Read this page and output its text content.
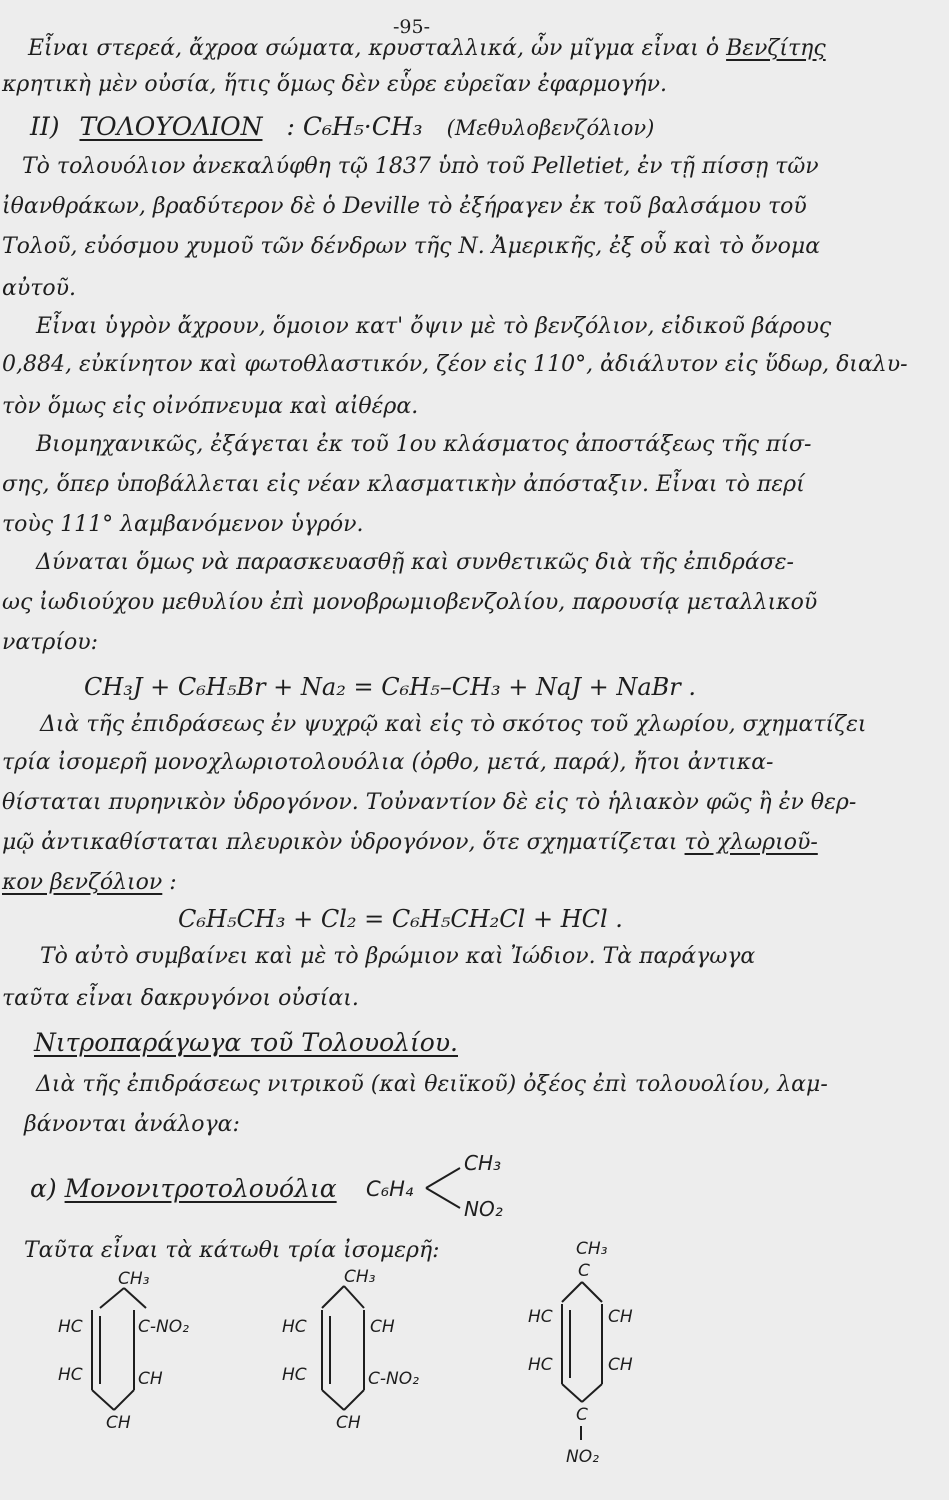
-95-
Εἶναι στερεά, ἄχροα σώματα, κρυσταλλικά, ὧν μῖγμα εἶναι ὁ Βενζίτης
κρητικὴ μὲν οὐσία, ἥτις ὅμως δὲν εὗρε εὐρεῖαν ἐφαρμογήν.
II) ΤΟΛΟΥΟΛΙΟΝ : C₆H₅·CH₃ (Μεθυλοβενζόλιον)
Τὸ τολουόλιον ἀνεκαλύφθη τῷ 1837 ὑπὸ τοῦ Pelletiet, ἐν τῇ πίσσῃ τῶν
ἰθανθράκων, βραδύτερον δὲ ὁ Deville τὸ ἐξήραγεν ἐκ τοῦ βαλσάμου τοῦ
Τολοῦ, εὐόσμου χυμοῦ τῶν δένδρων τῆς Ν. Ἀμερικῆς, ἐξ οὗ καὶ τὸ ὄνομα
αὐτοῦ.
Εἶναι ὑγρὸν ἄχρουν, ὅμοιον κατ' ὄψιν μὲ τὸ βενζόλιον, εἰδικοῦ βάρους
0,884, εὐκίνητον καὶ φωτοθλαστικόν, ζέον εἰς 110°, ἀδιάλυτον εἰς ὕδωρ, διαλυ-
τὸν ὅμως εἰς οἰνόπνευμα καὶ αἰθέρα.
Βιομηχανικῶς, ἐξάγεται ἐκ τοῦ 1ου κλάσματος ἀποστάξεως τῆς πίσ-
σης, ὅπερ ὑποβάλλεται εἰς νέαν κλασματικὴν ἀπόσταξιν. Εἶναι τὸ περί
τοὺς 111° λαμβανόμενον ὑγρόν.
Δύναται ὅμως νὰ παρασκευασθῇ καὶ συνθετικῶς διὰ τῆς ἐπιδράσε-
ως ἰωδιούχου μεθυλίου ἐπὶ μονοβρωμιοβενζολίου, παρουσίᾳ μεταλλικοῦ
νατρίου:
CH₃J + C₆H₅Br + Na₂ = C₆H₅–CH₃ + NaJ + NaBr .
Διὰ τῆς ἐπιδράσεως ἐν ψυχρῷ καὶ εἰς τὸ σκότος τοῦ χλωρίου, σχηματίζει
τρία ἰσομερῆ μονοχλωριοτολουόλια (ὀρθο, μετά, παρά), ἤτοι ἀντικα-
θίσταται πυρηνικὸν ὑδρογόνον. Τοὐναντίον δὲ εἰς τὸ ἡλιακὸν φῶς ἢ ἐν θερ-
μῷ ἀντικαθίσταται πλευρικὸν ὑδρογόνον, ὅτε σχηματίζεται τὸ χλωριοῦ-
κον βενζόλιον :
C₆H₅CH₃ + Cl₂ = C₆H₅CH₂Cl + HCl .
Τὸ αὐτὸ συμβαίνει καὶ μὲ τὸ βρώμιον καὶ Ἰώδιον. Τὰ παράγωγα
ταῦτα εἶναι δακρυγόνοι οὐσίαι.
Νιτροπαράγωγα τοῦ Τολουολίου.
Διὰ τῆς ἐπιδράσεως νιτρικοῦ (καὶ θειϊκοῦ) ὀξέος ἐπὶ τολουολίου, λαμ-
βάνονται ἀνάλογα:
α) Μονονιτροτολουόλια C₆H₄
CH₃
NO₂
Ταῦτα εἶναι τὰ κάτωθι τρία ἰσομερῆ:
CH₃
HC	C-NO₂
HC	CH
CH
CH₃
HC	CH
HC	C-NO₂
CH
CH₃
C
HC	CH
HC	CH
C
NO₂
